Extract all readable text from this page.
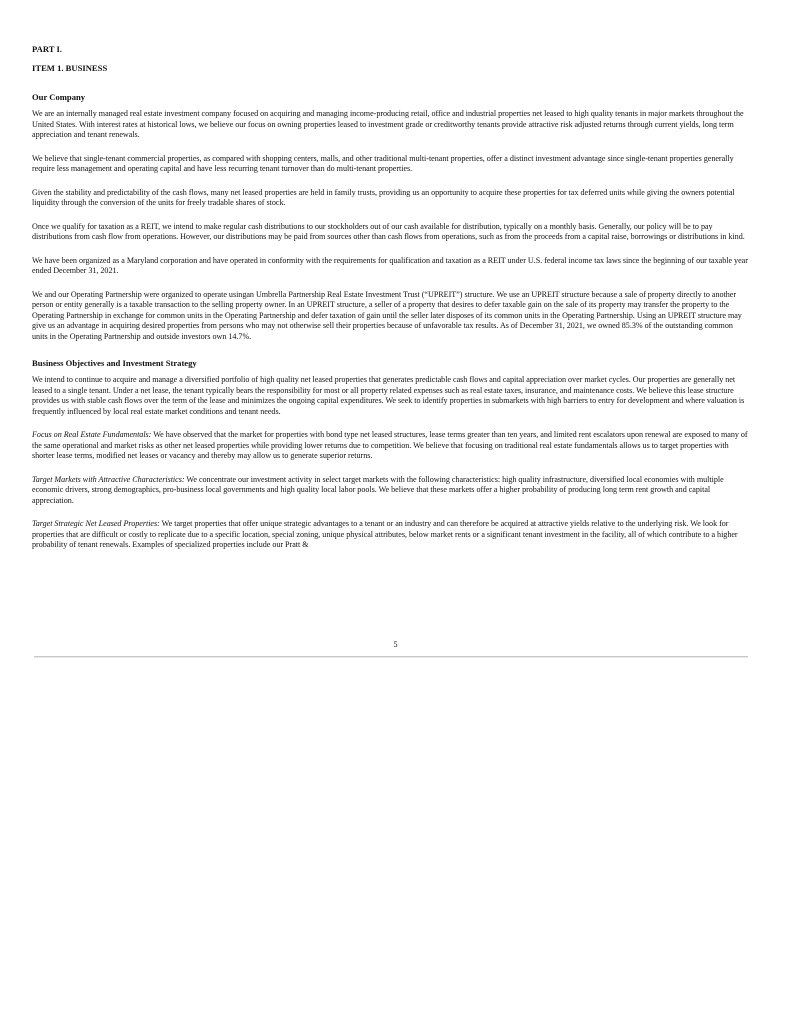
PART I.
ITEM 1. BUSINESS
Our Company

We are an internally managed real estate investment company focused on acquiring and managing income-producing retail, office and industrial properties net leased to high quality tenants in major markets throughout the United States. With interest rates at historical lows, we believe our focus on owning properties leased to investment grade or creditworthy tenants provide attractive risk adjusted returns through current yields, long term appreciation and tenant renewals.

We believe that single-tenant commercial properties, as compared with shopping centers, malls, and other traditional multi-tenant properties, offer a distinct investment advantage since single-tenant properties generally require less management and operating capital and have less recurring tenant turnover than do multi-tenant properties.

Given the stability and predictability of the cash flows, many net leased properties are held in family trusts, providing us an opportunity to acquire these properties for tax deferred units while giving the owners potential liquidity through the conversion of the units for freely tradable shares of stock.

Once we qualify for taxation as a REIT, we intend to make regular cash distributions to our stockholders out of our cash available for distribution, typically on a monthly basis. Generally, our policy will be to pay distributions from cash flow from operations. However, our distributions may be paid from sources other than cash flows from operations, such as from the proceeds from a capital raise, borrowings or distributions in kind.

We have been organized as a Maryland corporation and have operated in conformity with the requirements for qualification and taxation as a REIT under U.S. federal income tax laws since the beginning of our taxable year ended December 31, 2021.

We and our Operating Partnership were organized to operate usingan Umbrella Partnership Real Estate Investment Trust (“UPREIT”) structure. We use an UPREIT structure because a sale of property directly to another person or entity generally is a taxable transaction to the selling property owner. In an UPREIT structure, a seller of a property that desires to defer taxable gain on the sale of its property may transfer the property to the Operating Partnership in exchange for common units in the Operating Partnership and defer taxation of gain until the seller later disposes of its common units in the Operating Partnership. Using an UPREIT structure may give us an advantage in acquiring desired properties from persons who may not otherwise sell their properties because of unfavorable tax results. As of December 31, 2021, we owned 85.3% of the outstanding common units in the Operating Partnership and outside investors own 14.7%.

Business Objectives and Investment Strategy

We intend to continue to acquire and manage a diversified portfolio of high quality net leased properties that generates predictable cash flows and capital appreciation over market cycles. Our properties are generally net leased to a single tenant. Under a net lease, the tenant typically bears the responsibility for most or all property related expenses such as real estate taxes, insurance, and maintenance costs. We believe this lease structure provides us with stable cash flows over the term of the lease and minimizes the ongoing capital expenditures. We seek to identify properties in submarkets with high barriers to entry for development and where valuation is frequently influenced by local real estate market conditions and tenant needs.

Focus on Real Estate Fundamentals: We have observed that the market for properties with bond type net leased structures, lease terms greater than ten years, and limited rent escalators upon renewal are exposed to many of the same operational and market risks as other net leased properties while providing lower returns due to competition. We believe that focusing on traditional real estate fundamentals allows us to target properties with shorter lease terms, modified net leases or vacancy and thereby may allow us to generate superior returns.

Target Markets with Attractive Characteristics: We concentrate our investment activity in select target markets with the following characteristics: high quality infrastructure, diversified local economies with multiple economic drivers, strong demographics, pro-business local governments and high quality local labor pools. We believe that these markets offer a higher probability of producing long term rent growth and capital appreciation.

Target Strategic Net Leased Properties: We target properties that offer unique strategic advantages to a tenant or an industry and can therefore be acquired at attractive yields relative to the underlying risk. We look for properties that are difficult or costly to replicate due to a specific location, special zoning, unique physical attributes, below market rents or a significant tenant investment in the facility, all of which contribute to a higher probability of tenant renewals. Examples of specialized properties include our Pratt &

5
